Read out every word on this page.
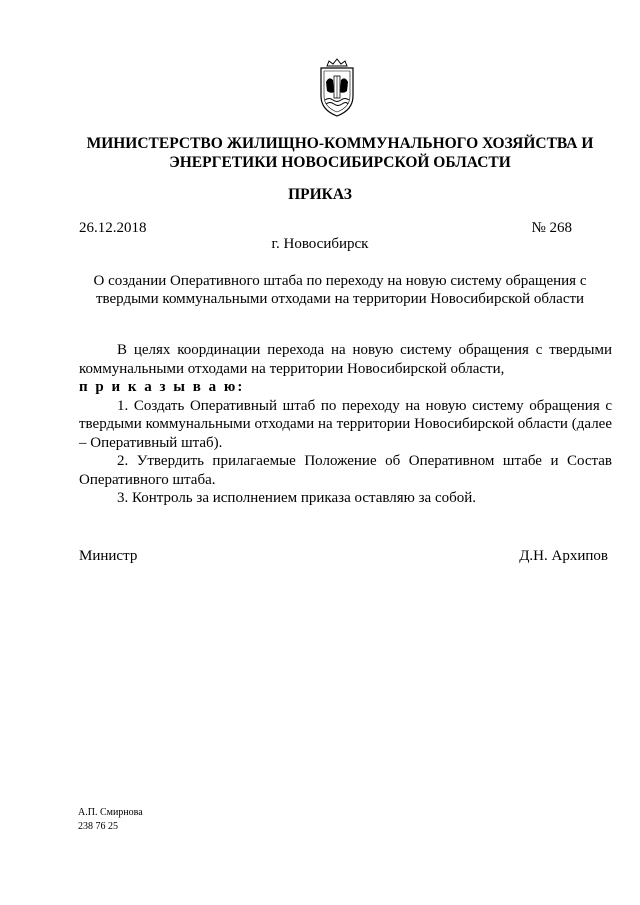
МИНИСТЕРСТВО ЖИЛИЩНО-КОММУНАЛЬНОГО ХОЗЯЙСТВА И
ЭНЕРГЕТИКИ НОВОСИБИРСКОЙ ОБЛАСТИ
ПРИКАЗ
26.12.2018	№ 268
г. Новосибирск
О создании Оперативного штаба по переходу на новую систему обращения с
твердыми коммунальными отходами на территории Новосибирской области

В целях координации перехода на новую систему обращения с твердыми коммунальными отходами на территории Новосибирской области,

п р и к а з ы в а ю:

1. Создать Оперативный штаб по переходу на новую систему обращения с твердыми коммунальными отходами на территории Новосибирской области (далее – Оперативный штаб).

2. Утвердить прилагаемые Положение об Оперативном штабе и Состав Оперативного штаба.

3. Контроль за исполнением приказа оставляю за собой.

Министр	Д.Н. Архипов
А.П. Смирнова
238 76 25
